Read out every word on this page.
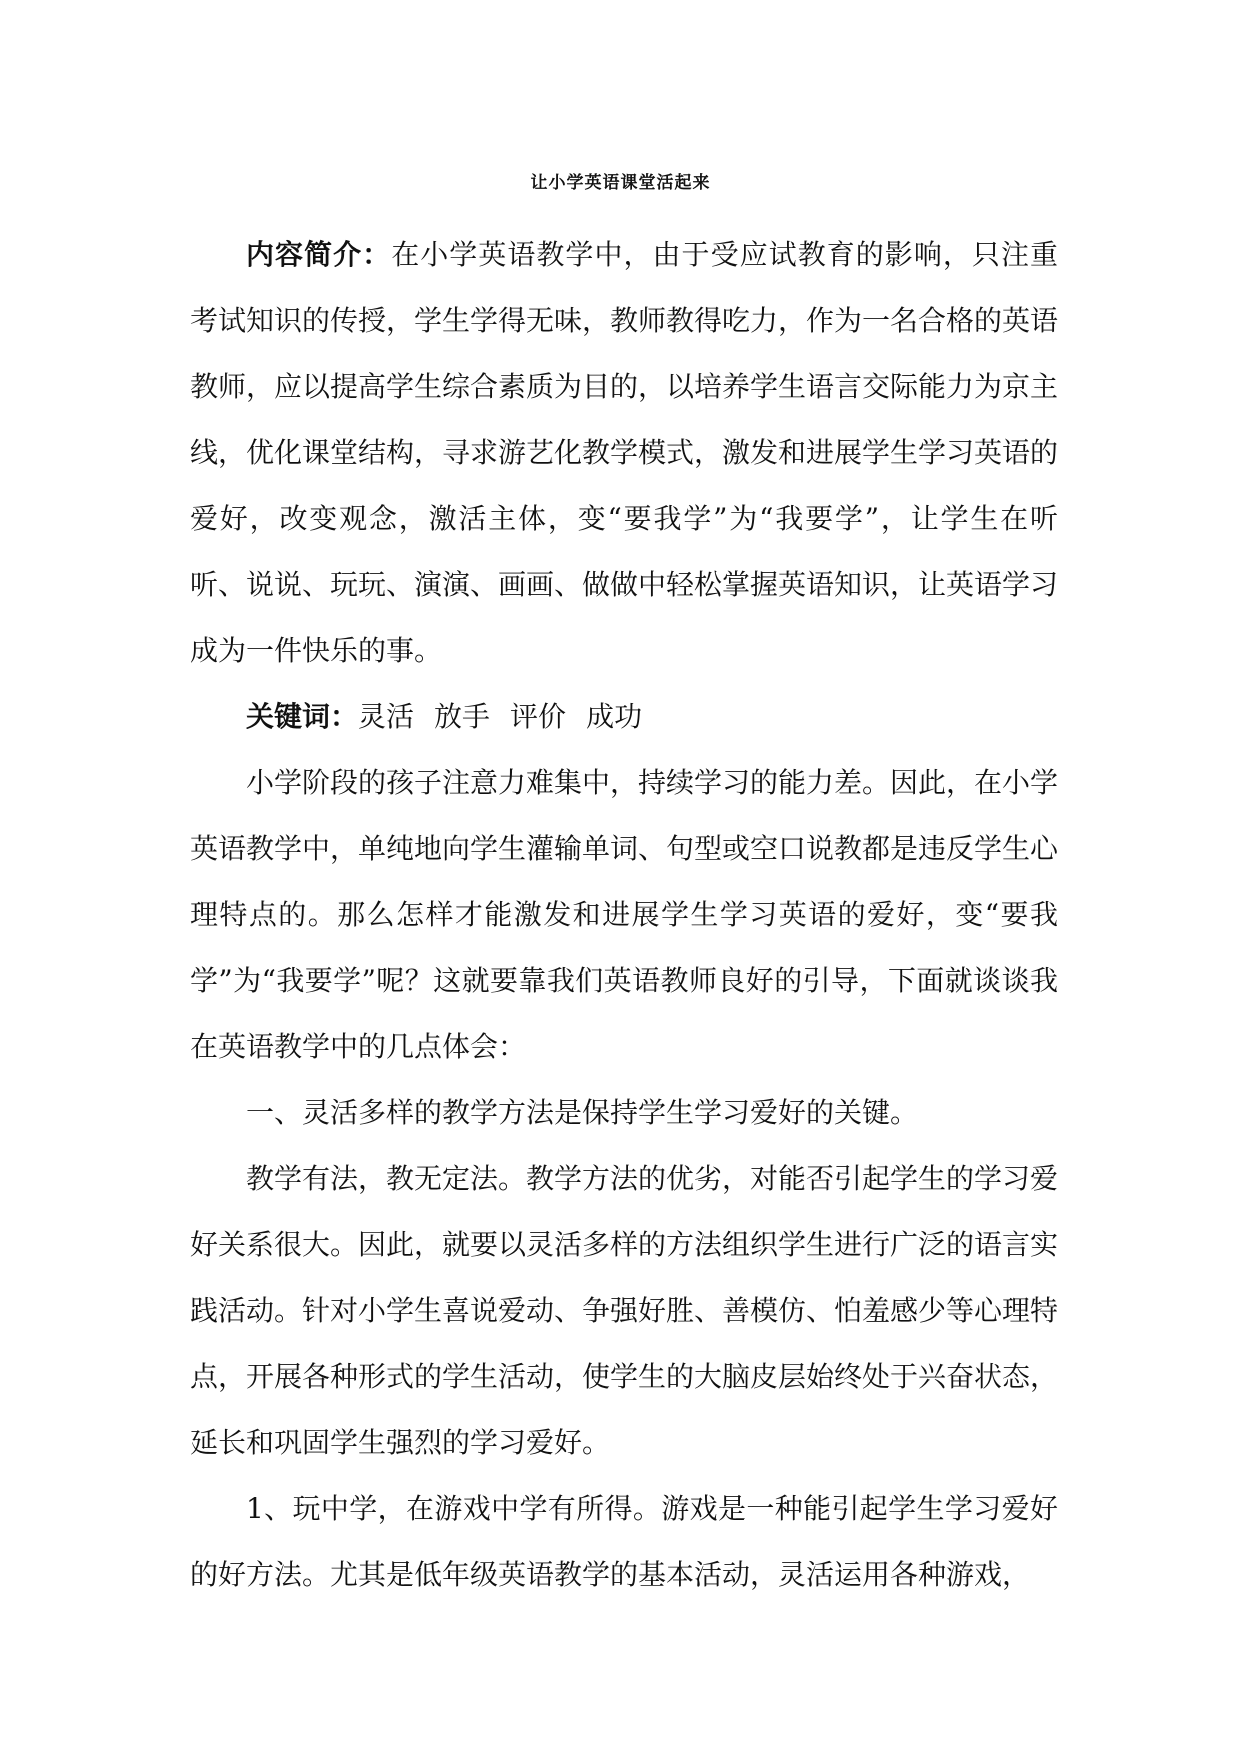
让小学英语课堂活起来

内容简介：在小学英语教学中，由于受应试教育的影响，只注重考试知识的传授，学生学得无味，教师教得吃力，作为一名合格的英语教师，应以提高学生综合素质为目的，以培养学生语言交际能力为京主线，优化课堂结构，寻求游艺化教学模式，激发和进展学生学习英语的爱好，改变观念，激活主体，变“要我学”为“我要学”，让学生在听听、说说、玩玩、演演、画画、做做中轻松掌握英语知识，让英语学习成为一件快乐的事。

关键词：灵活 放手 评价 成功

小学阶段的孩子注意力难集中，持续学习的能力差。因此，在小学英语教学中，单纯地向学生灌输单词、句型或空口说教都是违反学生心理特点的。那么怎样才能激发和进展学生学习英语的爱好，变“要我学”为“我要学”呢？这就要靠我们英语教师良好的引导，下面就谈谈我在英语教学中的几点体会：

一、灵活多样的教学方法是保持学生学习爱好的关键。

教学有法，教无定法。教学方法的优劣，对能否引起学生的学习爱好关系很大。因此，就要以灵活多样的方法组织学生进行广泛的语言实践活动。针对小学生喜说爱动、争强好胜、善模仿、怕羞感少等心理特点，开展各种形式的学生活动，使学生的大脑皮层始终处于兴奋状态，延长和巩固学生强烈的学习爱好。

1、玩中学，在游戏中学有所得。游戏是一种能引起学生学习爱好的好方法。尤其是低年级英语教学的基本活动，灵活运用各种游戏，
